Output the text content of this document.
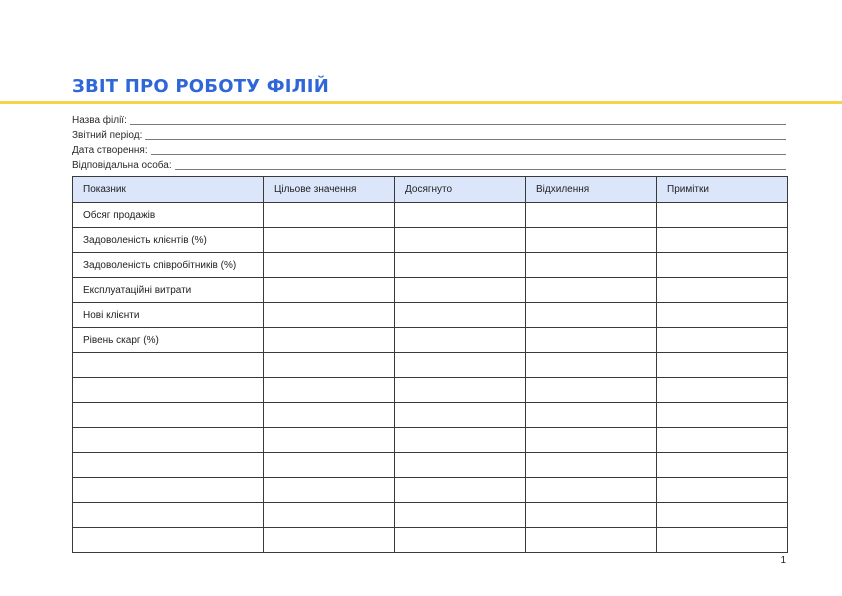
ЗВІТ ПРО РОБОТУ ФІЛІЙ
Назва філії:
Звітний період:
Дата створення:
Відповідальна особа:
Показник	Цільове значення	Досягнуто	Відхилення	Примітки
Обсяг продажів				
Задоволеність клієнтів (%)				
Задоволеність співробітників (%)				
Експлуатаційні витрати				
Нові клієнти				
Рівень скарг (%)				

1
